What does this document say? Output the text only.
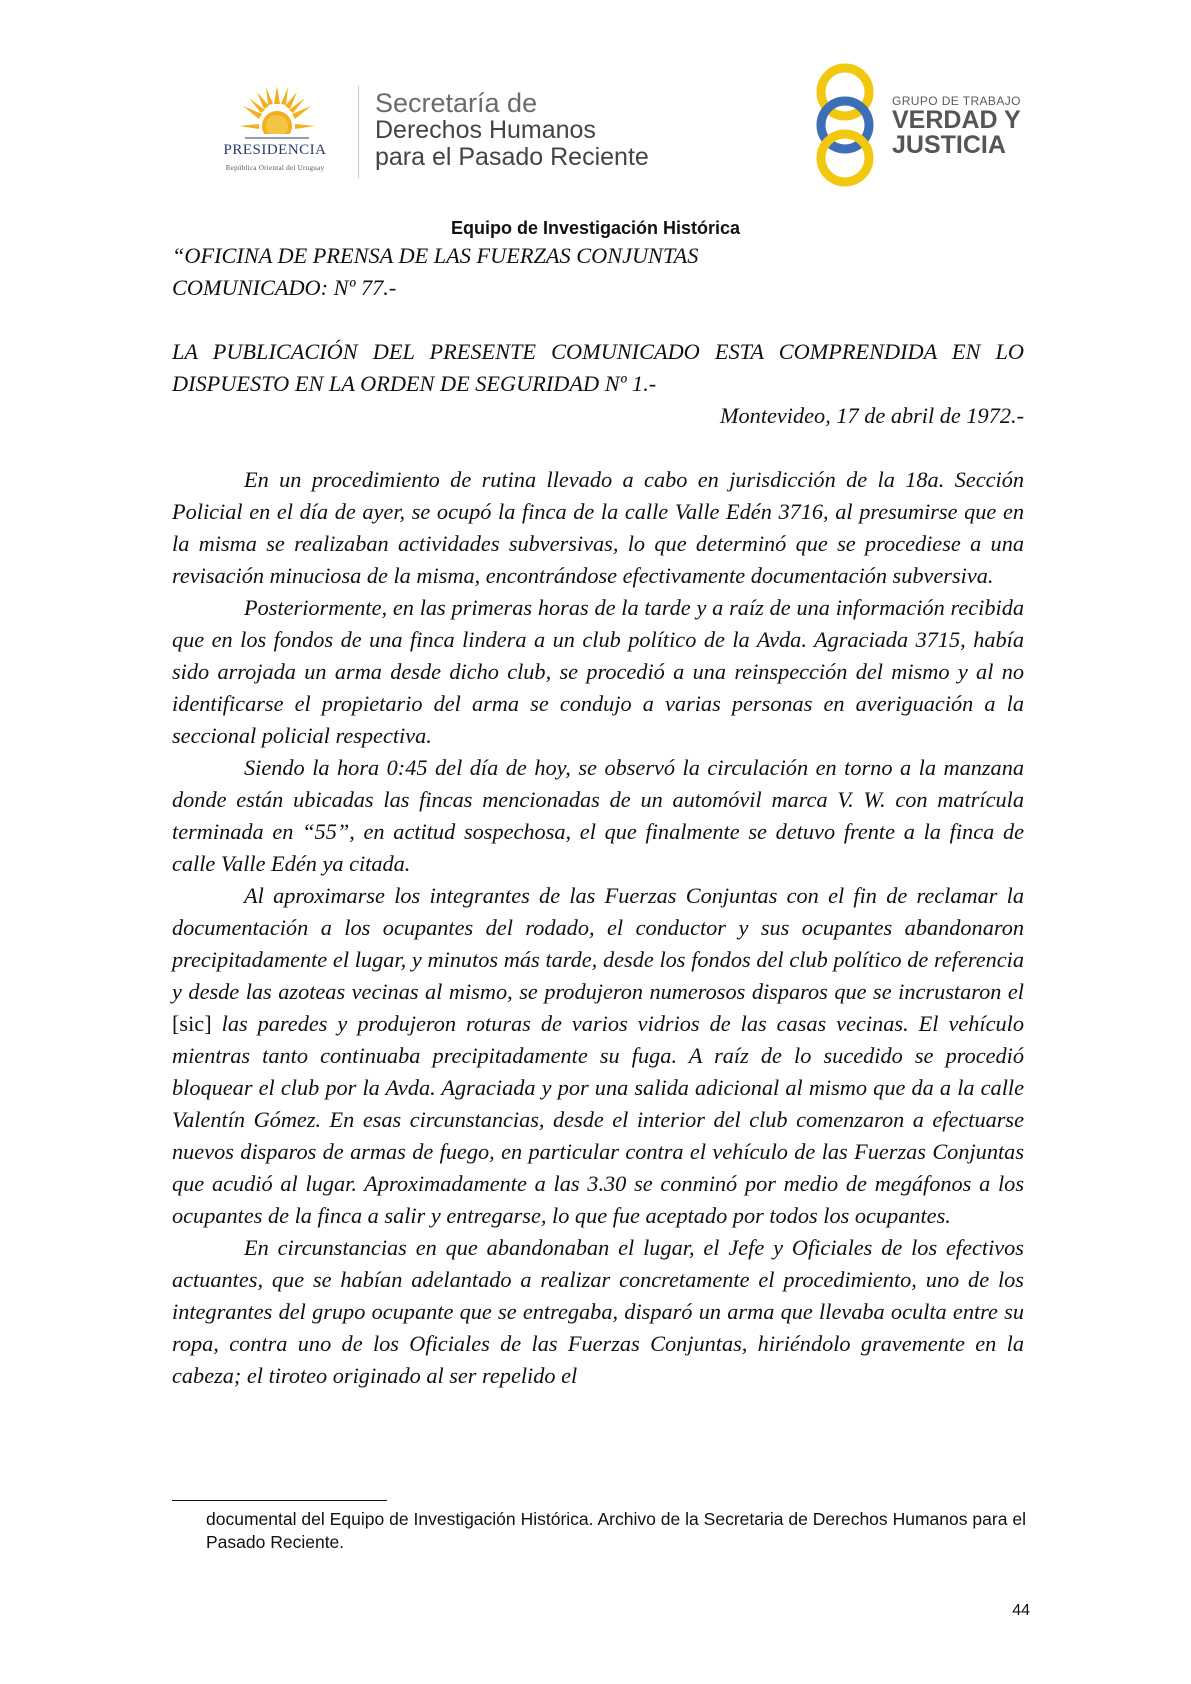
PRESIDENCIA
República Oriental del Uruguay
Secretaría de
Derechos Humanos
para el Pasado Reciente
GRUPO DE TRABAJO
VERDAD Y
JUSTICIA
Equipo de Investigación Histórica

“OFICINA DE PRENSA DE LAS FUERZAS CONJUNTAS

COMUNICADO: Nº 77.-

LA PUBLICACIÓN DEL PRESENTE COMUNICADO ESTA COMPRENDIDA EN LO DISPUESTO EN LA ORDEN DE SEGURIDAD Nº 1.-

Montevideo, 17 de abril de 1972.-

En un procedimiento de rutina llevado a cabo en jurisdicción de la 18a. Sección Policial en el día de ayer, se ocupó la finca de la calle Valle Edén 3716, al presumirse que en la misma se realizaban actividades subversivas, lo que determinó que se procediese a una revisación minuciosa de la misma, encontrándose efectivamente documentación subversiva.

Posteriormente, en las primeras horas de la tarde y a raíz de una información recibida que en los fondos de una finca lindera a un club político de la Avda. Agraciada 3715, había sido arrojada un arma desde dicho club, se procedió a una reinspección del mismo y al no identificarse el propietario del arma se condujo a varias personas en averiguación a la seccional policial respectiva.

Siendo la hora 0:45 del día de hoy, se observó la circulación en torno a la manzana donde están ubicadas las fincas mencionadas de un automóvil marca V. W. con matrícula terminada en “55”, en actitud sospechosa, el que finalmente se detuvo frente a la finca de calle Valle Edén ya citada.

Al aproximarse los integrantes de las Fuerzas Conjuntas con el fin de reclamar la documentación a los ocupantes del rodado, el conductor y sus ocupantes abandonaron precipitadamente el lugar, y minutos más tarde, desde los fondos del club político de referencia y desde las azoteas vecinas al mismo, se produjeron numerosos disparos que se incrustaron el [sic] las paredes y produjeron roturas de varios vidrios de las casas vecinas. El vehículo mientras tanto continuaba precipitadamente su fuga. A raíz de lo sucedido se procedió bloquear el club por la Avda. Agraciada y por una salida adicional al mismo que da a la calle Valentín Gómez. En esas circunstancias, desde el interior del club comenzaron a efectuarse nuevos disparos de armas de fuego, en particular contra el vehículo de las Fuerzas Conjuntas que acudió al lugar. Aproximadamente a las 3.30 se conminó por medio de megáfonos a los ocupantes de la finca a salir y entregarse, lo que fue aceptado por todos los ocupantes.

En circunstancias en que abandonaban el lugar, el Jefe y Oficiales de los efectivos actuantes, que se habían adelantado a realizar concretamente el procedimiento, uno de los integrantes del grupo ocupante que se entregaba, disparó un arma que llevaba oculta entre su ropa, contra uno de los Oficiales de las Fuerzas Conjuntas, hiriéndolo gravemente en la cabeza; el tiroteo originado al ser repelido el

documental del Equipo de Investigación Histórica. Archivo de la Secretaria de Derechos Humanos para el Pasado Reciente.
44
